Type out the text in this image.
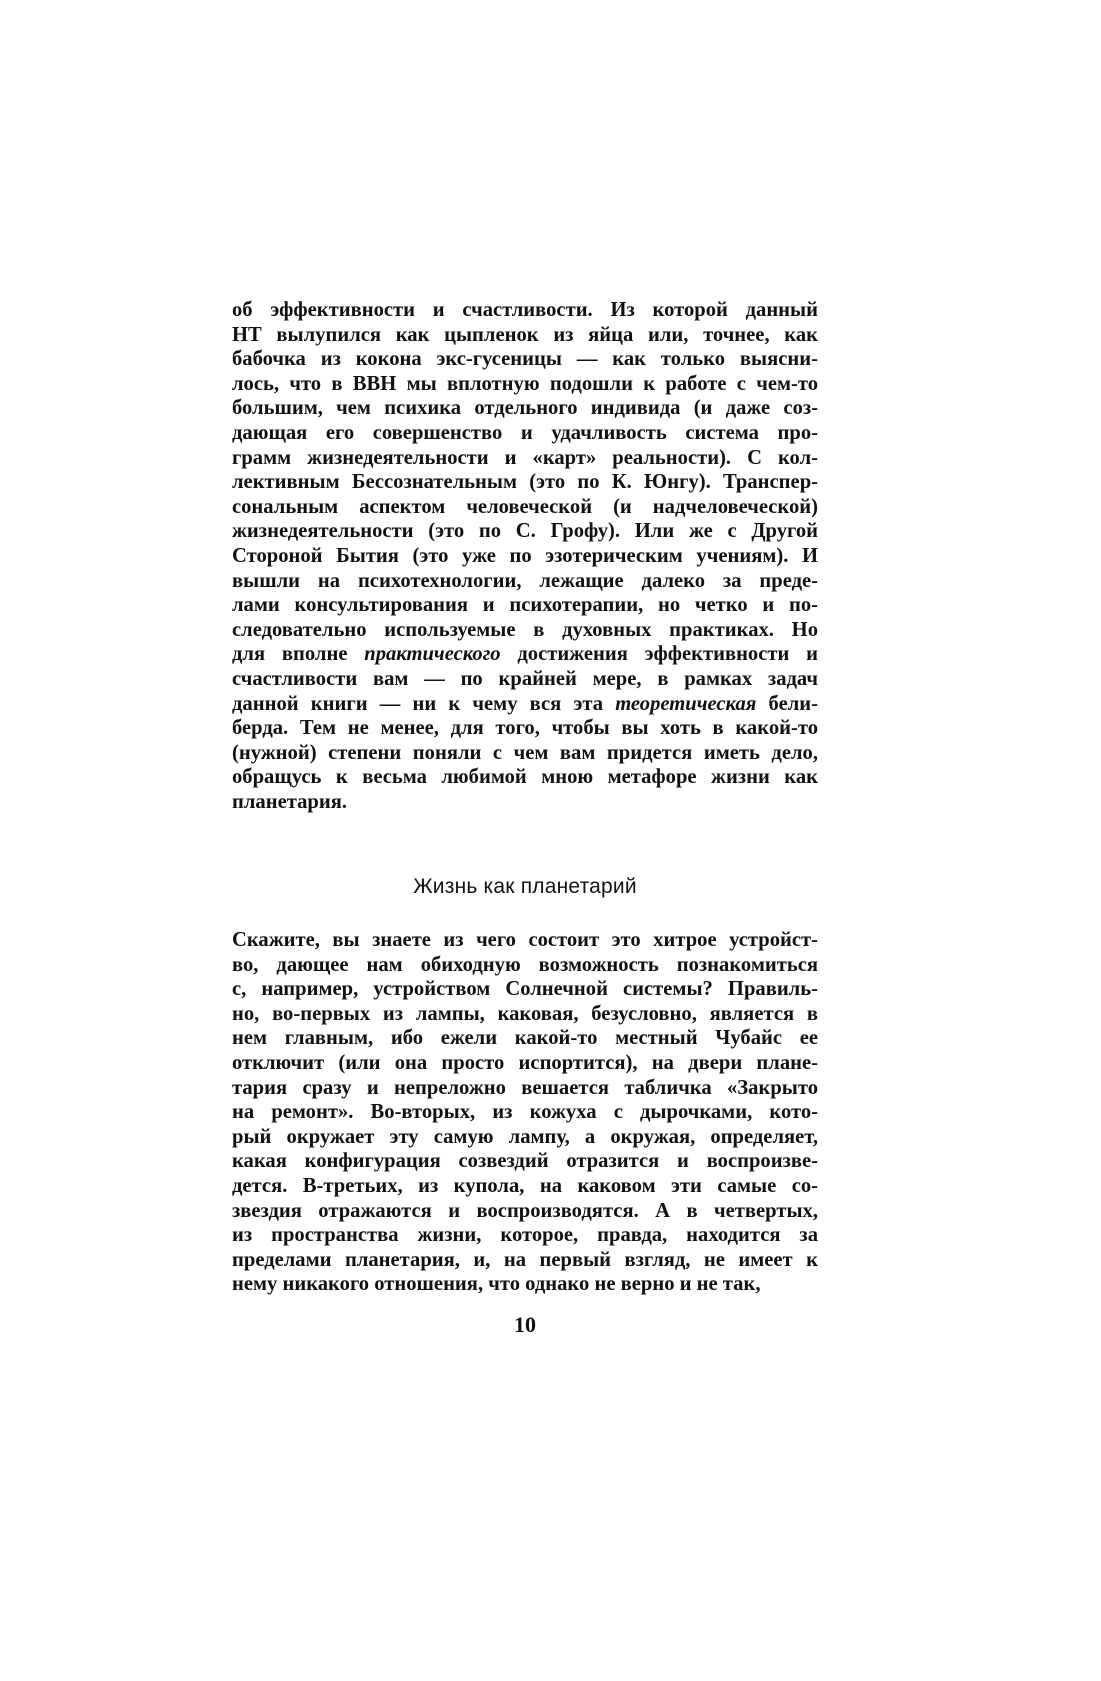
об эффективности и счастливости. Из которой данный
НТ вылупился как цыпленок из яйца или, точнее, как
бабочка из кокона экс-гусеницы — как только выясни-
лось, что в ВВН мы вплотную подошли к работе с чем-то
большим, чем психика отдельного индивида (и даже соз-
дающая его совершенство и удачливость система про-
грамм жизнедеятельности и «карт» реальности). С кол-
лективным Бессознательным (это по К. Юнгу). Транспер-
сональным аспектом человеческой (и надчеловеческой)
жизнедеятельности (это по С. Грофу). Или же с Другой
Стороной Бытия (это уже по эзотерическим учениям). И
вышли на психотехнологии, лежащие далеко за преде-
лами консультирования и психотерапии, но четко и по-
следовательно используемые в духовных практиках. Но
для вполне практического достижения эффективности и
счастливости вам — по крайней мере, в рамках задач
данной книги — ни к чему вся эта теоретическая бели-
берда. Тем не менее, для того, чтобы вы хоть в какой-то
(нужной) степени поняли с чем вам придется иметь дело,
обращусь к весьма любимой мною метафоре жизни как
планетария.

Жизнь как планетарий

Скажите, вы знаете из чего состоит это хитрое устройст-
во, дающее нам обиходную возможность познакомиться
с, например, устройством Солнечной системы? Правиль-
но, во-первых из лампы, каковая, безусловно, является в
нем главным, ибо ежели какой-то местный Чубайс ее
отключит (или она просто испортится), на двери плане-
тария сразу и непреложно вешается табличка «Закрыто
на ремонт». Во-вторых, из кожуха с дырочками, кото-
рый окружает эту самую лампу, а окружая, определяет,
какая конфигурация созвездий отразится и воспроизве-
дется. В-третьих, из купола, на каковом эти самые со-
звездия отражаются и воспроизводятся. А в четвертых,
из пространства жизни, которое, правда, находится за
пределами планетария, и, на первый взгляд, не имеет к
нему никакого отношения, что однако не верно и не так,

10
